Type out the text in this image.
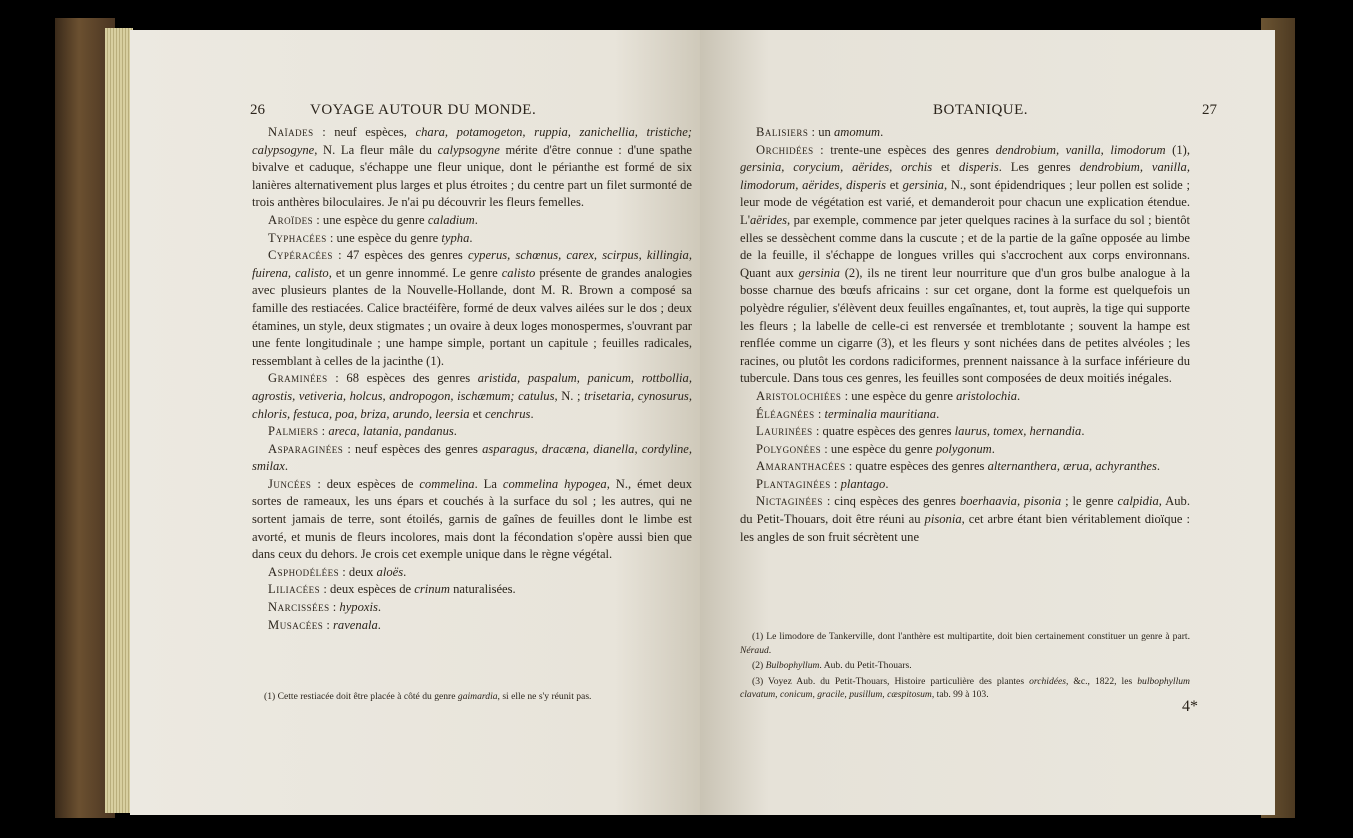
26	VOYAGE AUTOUR DU MONDE.

Naïades : neuf espèces, chara, potamogeton, ruppia, zanichellia, tristiche; calypsogyne, N. La fleur mâle du calypsogyne mérite d'être connue : d'une spathe bivalve et caduque, s'échappe une fleur unique, dont le périanthe est formé de six lanières alternativement plus larges et plus étroites ; du centre part un filet surmonté de trois anthères biloculaires. Je n'ai pu découvrir les fleurs femelles.

Aroïdes : une espèce du genre caladium.

Typhacées : une espèce du genre typha.

Cypéracées : 47 espèces des genres cyperus, schœnus, carex, scirpus, killingia, fuirena, calisto, et un genre innommé. Le genre calisto présente de grandes analogies avec plusieurs plantes de la Nouvelle-Hollande, dont M. R. Brown a composé sa famille des restiacées. Calice bractéifère, formé de deux valves ailées sur le dos ; deux étamines, un style, deux stigmates ; un ovaire à deux loges monospermes, s'ouvrant par une fente longitudinale ; une hampe simple, portant un capitule ; feuilles radicales, ressemblant à celles de la jacinthe (1).

Graminées : 68 espèces des genres aristida, paspalum, panicum, rottbollia, agrostis, vetiveria, holcus, andropogon, ischæmum; catulus, N. ; trisetaria, cynosurus, chloris, festuca, poa, briza, arundo, leersia et cenchrus.

Palmiers : areca, latania, pandanus.

Asparaginées : neuf espèces des genres asparagus, dracæna, dianella, cordyline, smilax.

Juncées : deux espèces de commelina. La commelina hypogea, N., émet deux sortes de rameaux, les uns épars et couchés à la surface du sol ; les autres, qui ne sortent jamais de terre, sont étoilés, garnis de gaînes de feuilles dont le limbe est avorté, et munis de fleurs incolores, mais dont la fécondation s'opère aussi bien que dans ceux du dehors. Je crois cet exemple unique dans le règne végétal.

Asphodélées : deux aloës.

Liliacées : deux espèces de crinum naturalisées.

Narcissées : hypoxis.

Musacées : ravenala.

(1) Cette restiacée doit être placée à côté du genre gaimardia, si elle ne s'y réunit pas.

BOTANIQUE.	27

Balisiers : un amomum.

Orchidées : trente-une espèces des genres dendrobium, vanilla, limodorum (1), gersinia, corycium, aërides, orchis et disperis. Les genres dendrobium, vanilla, limodorum, aërides, disperis et gersinia, N., sont épidendriques ; leur pollen est solide ; leur mode de végétation est varié, et demanderoit pour chacun une explication étendue. L'aërides, par exemple, commence par jeter quelques racines à la surface du sol ; bientôt elles se dessèchent comme dans la cuscute ; et de la partie de la gaîne opposée au limbe de la feuille, il s'échappe de longues vrilles qui s'accrochent aux corps environnans. Quant aux gersinia (2), ils ne tirent leur nourriture que d'un gros bulbe analogue à la bosse charnue des bœufs africains : sur cet organe, dont la forme est quelquefois un polyèdre régulier, s'élèvent deux feuilles engaînantes, et, tout auprès, la tige qui supporte les fleurs ; la labelle de celle-ci est renversée et tremblotante ; souvent la hampe est renflée comme un cigarre (3), et les fleurs y sont nichées dans de petites alvéoles ; les racines, ou plutôt les cordons radiciformes, prennent naissance à la surface inférieure du tubercule. Dans tous ces genres, les feuilles sont composées de deux moitiés inégales.

Aristolochiées : une espèce du genre aristolochia.

Éléagnées : terminalia mauritiana.

Laurinées : quatre espèces des genres laurus, tomex, hernandia.

Polygonées : une espèce du genre polygonum.

Amaranthacées : quatre espèces des genres alternanthera, ærua, achyranthes.

Plantaginées : plantago.

Nictaginées : cinq espèces des genres boerhaavia, pisonia ; le genre calpidia, Aub. du Petit-Thouars, doit être réuni au pisonia, cet arbre étant bien véritablement dioïque : les angles de son fruit sécrètent une

(1) Le limodore de Tankerville, dont l'anthère est multipartite, doit bien certainement constituer un genre à part. Néraud.

(2) Bulbophyllum. Aub. du Petit-Thouars.

(3) Voyez Aub. du Petit-Thouars, Histoire particulière des plantes orchidées, &c., 1822, les bulbophyllum clavatum, conicum, gracile, pusillum, cæspitosum, tab. 99 à 103.

4*
